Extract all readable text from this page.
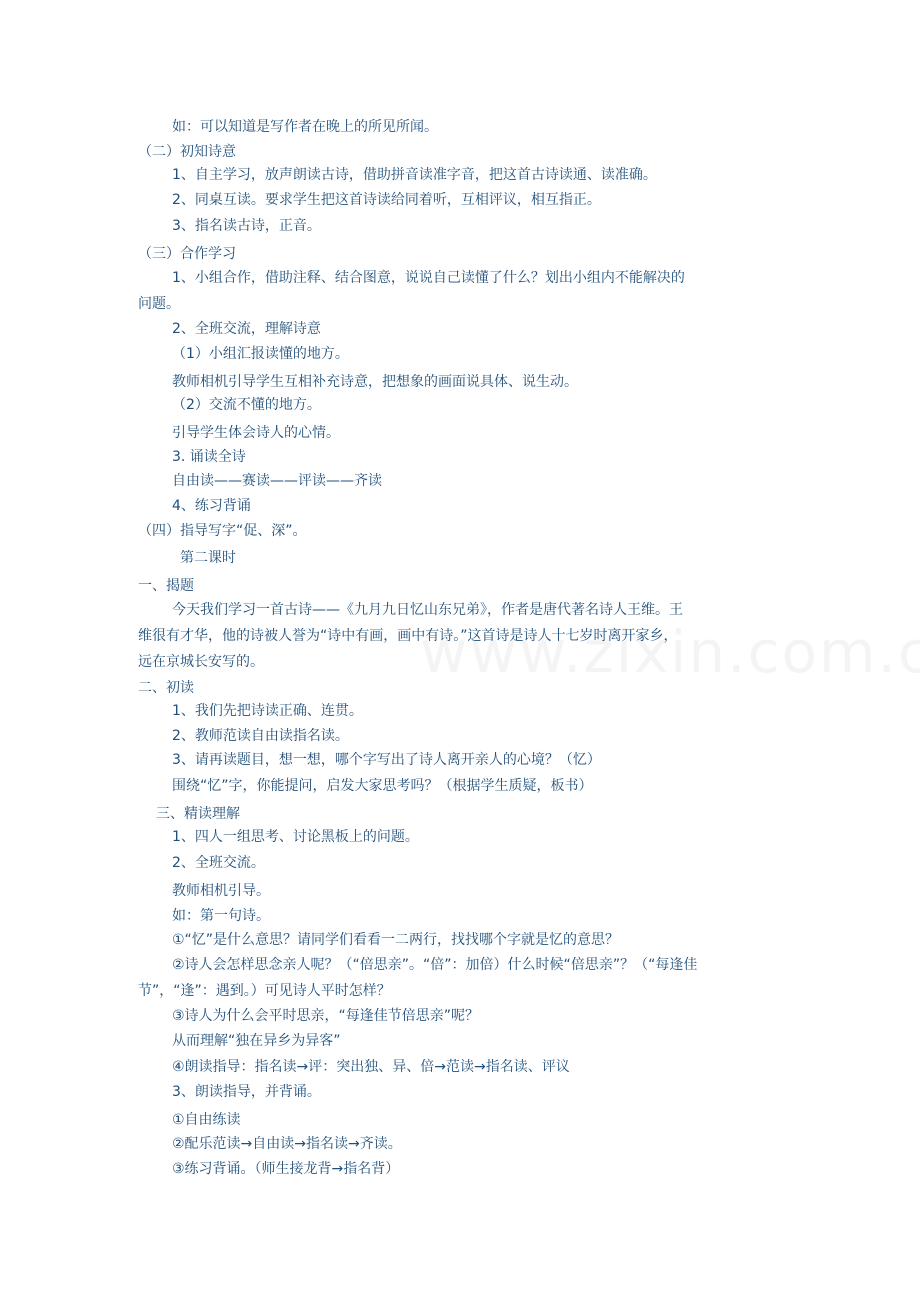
如：可以知道是写作者在晚上的所见所闻。
（二）初知诗意
1、自主学习，放声朗读古诗，借助拼音读准字音，把这首古诗读通、读准确。
2、同桌互读。要求学生把这首诗读给同着听，互相评议，相互指正。
3、指名读古诗，正音。
（三）合作学习
1、小组合作，借助注释、结合图意，说说自己读懂了什么？划出小组内不能解决的
问题。
2、全班交流，理解诗意
（1）小组汇报读懂的地方。
教师相机引导学生互相补充诗意，把想象的画面说具体、说生动。
（2）交流不懂的地方。
引导学生体会诗人的心情。
3. 诵读全诗
自由读——赛读——评读——齐读
4、练习背诵
（四）指导写字“促、深”。
第二课时
一、揭题
今天我们学习一首古诗——《九月九日忆山东兄弟》，作者是唐代著名诗人王维。王
维很有才华，他的诗被人誉为“诗中有画，画中有诗。”这首诗是诗人十七岁时离开家乡，
远在京城长安写的。
二、初读
1、我们先把诗读正确、连贯。
2、教师范读自由读指名读。
3、请再读题目，想一想，哪个字写出了诗人离开亲人的心境？（忆）
围绕“忆”字，你能提问，启发大家思考吗？（根据学生质疑，板书）
三、精读理解
1、四人一组思考、讨论黑板上的问题。
2、全班交流。
教师相机引导。
如：第一句诗。
①“忆”是什么意思？请同学们看看一二两行，找找哪个字就是忆的意思？
②诗人会怎样思念亲人呢？（“倍思亲”。“倍”：加倍）什么时候“倍思亲”？（“每逢佳
节”，“逢”：遇到。）可见诗人平时怎样？
③诗人为什么会平时思亲，“每逢佳节倍思亲”呢？
从而理解“独在异乡为异客”
④朗读指导：指名读→评：突出独、异、倍→范读→指名读、评议
3、朗读指导，并背诵。
①自由练读
②配乐范读→自由读→指名读→齐读。
③练习背诵。（师生接龙背→指名背）
